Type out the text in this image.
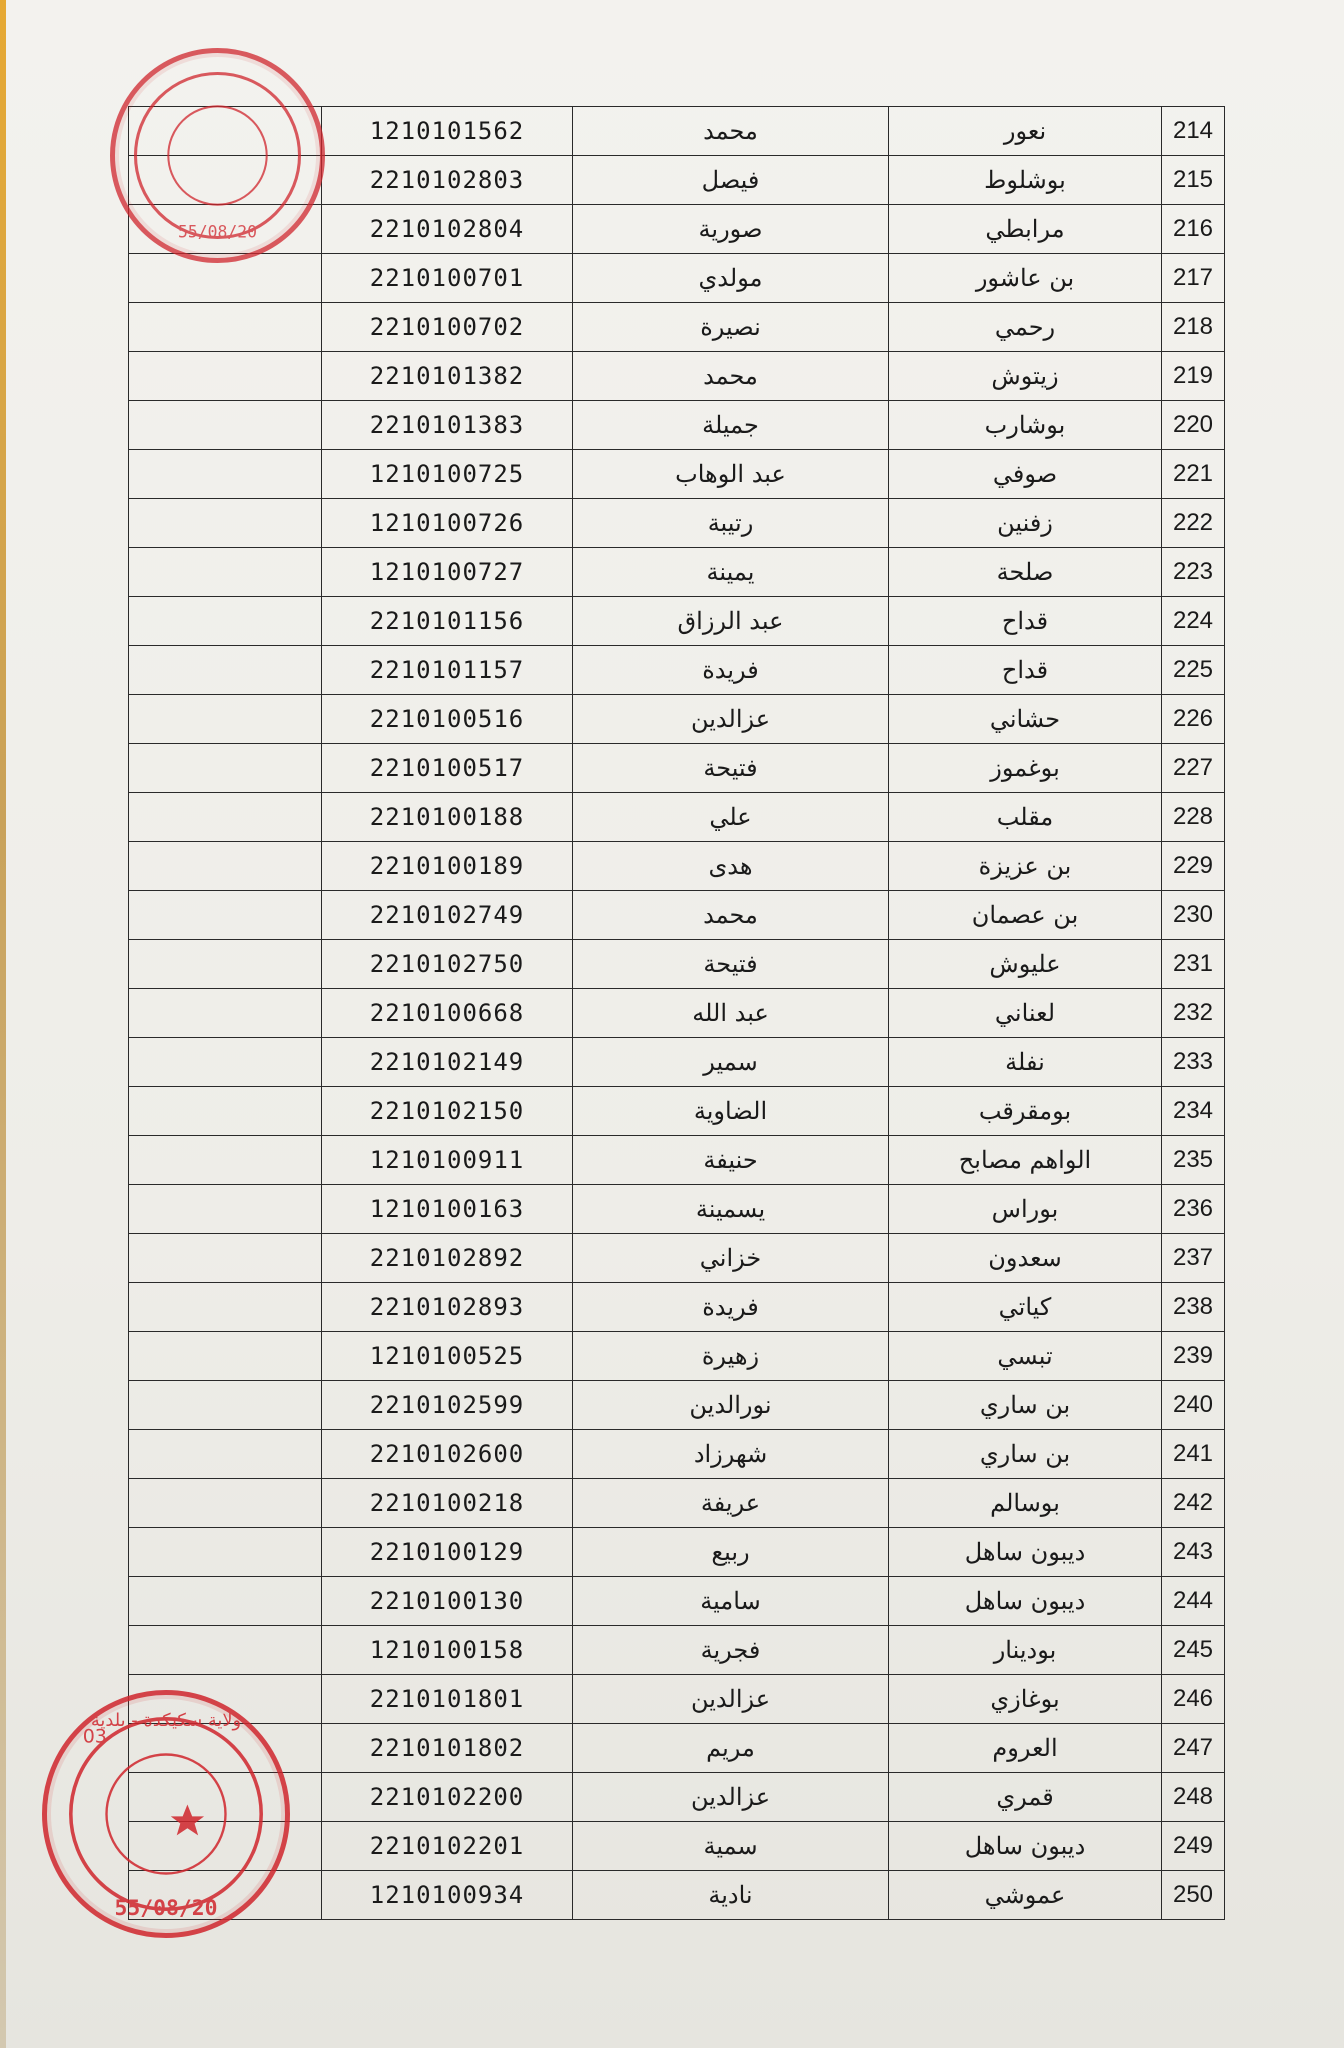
	1210101562	محمد	نعور	214
	2210102803	فيصل	بوشلوط	215
	2210102804	صورية	مرابطي	216
	2210100701	مولدي	بن عاشور	217
	2210100702	نصيرة	رحمي	218
	2210101382	محمد	زيتوش	219
	2210101383	جميلة	بوشارب	220
	1210100725	عبد الوهاب	صوفي	221
	1210100726	رتيبة	زفنين	222
	1210100727	يمينة	صلحة	223
	2210101156	عبد الرزاق	قداح	224
	2210101157	فريدة	قداح	225
	2210100516	عزالدين	حشاني	226
	2210100517	فتيحة	بوغموز	227
	2210100188	علي	مقلب	228
	2210100189	هدى	بن عزيزة	229
	2210102749	محمد	بن عصمان	230
	2210102750	فتيحة	عليوش	231
	2210100668	عبد الله	لعناني	232
	2210102149	سمير	نفلة	233
	2210102150	الضاوية	بومقرقب	234
	1210100911	حنيفة	الواهم مصابح	235
	1210100163	يسمينة	بوراس	236
	2210102892	خزاني	سعدون	237
	2210102893	فريدة	كياتي	238
	1210100525	زهيرة	تبسي	239
	2210102599	نورالدين	بن ساري	240
	2210102600	شهرزاد	بن ساري	241
	2210100218	عريفة	بوسالم	242
	2210100129	ربيع	ديبون ساهل	243
	2210100130	سامية	ديبون ساهل	244
	1210100158	فجرية	بودينار	245
	2210101801	عزالدين	بوغازي	246
	2210101802	مريم	العروم	247
	2210102200	عزالدين	قمري	248
	2210102201	سمية	ديبون ساهل	249
	1210100934	نادية	عموشي	250
55/08/20
ولاية سكيكدة - بلدية
03
55/08/20
